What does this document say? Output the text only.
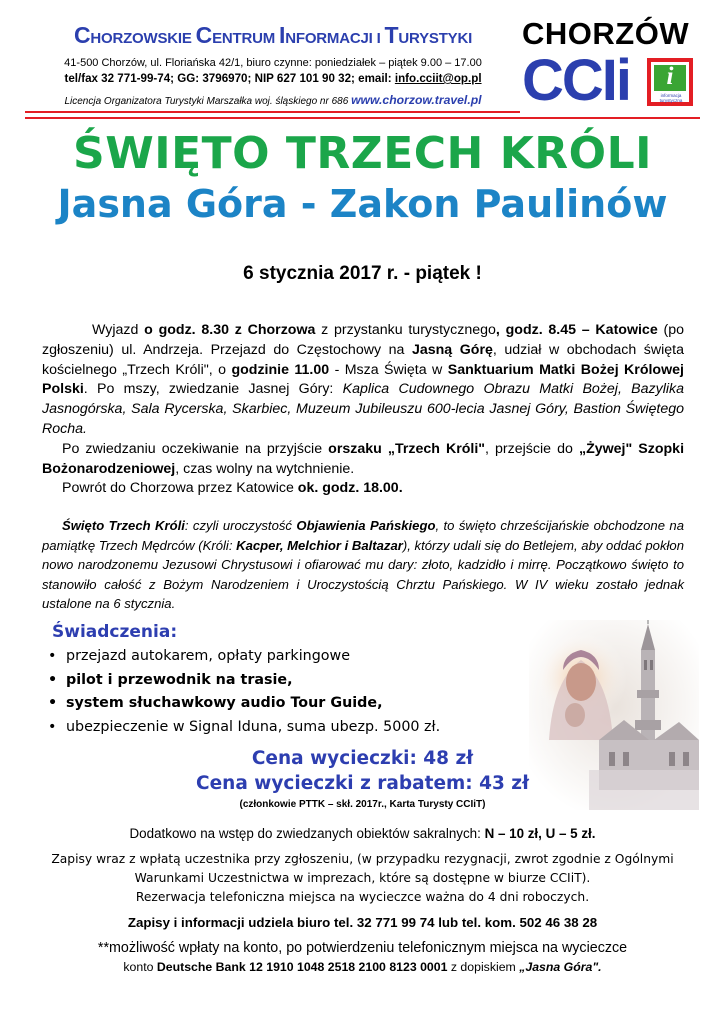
CHORZOWSKIE CENTRUM INFORMACJI I TURYSTYKI
41-500 Chorzów, ul. Floriańska 42/1, biuro czynne: poniedziałek – piątek 9.00 – 17.00
tel/fax 32 771-99-74; GG: 3796970; NIP 627 101 90 32; email: info.cciit@op.pl
Licencja Organizatora Turystyki Marszałka woj. śląskiego nr 686 www.chorzow.travel.pl
CHORZÓW
CCIi	i
informacja turystyczna
ŚWIĘTO TRZECH KRÓLI
Jasna Góra - Zakon Paulinów
6 stycznia 2017 r. - piątek !

Wyjazd o godz. 8.30 z Chorzowa z przystanku turystycznego, godz. 8.45 – Katowice (po zgłoszeniu) ul. Andrzeja. Przejazd do Częstochowy na Jasną Górę, udział w obchodach święta kościelnego „Trzech Króli", o godzinie 11.00 - Msza Święta w Sanktuarium Matki Bożej Królowej Polski. Po mszy, zwiedzanie Jasnej Góry: Kaplica Cudownego Obrazu Matki Bożej, Bazylika Jasnogórska, Sala Rycerska, Skarbiec, Muzeum Jubileuszu 600-lecia Jasnej Góry, Bastion Świętego Rocha.

Po zwiedzaniu oczekiwanie na przyjście orszaku „Trzech Króli", przejście do „Żywej" Szopki Bożonarodzeniowej, czas wolny na wytchnienie.

Powrót do Chorzowa przez Katowice ok. godz. 18.00.

Święto Trzech Króli: czyli uroczystość Objawienia Pańskiego, to święto chrześcijańskie obchodzone na pamiątkę Trzech Mędrców (Króli: Kacper, Melchior i Baltazar), którzy udali się do Betlejem, aby oddać pokłon nowo narodzonemu Jezusowi Chrystusowi i ofiarować mu dary: złoto, kadzidło i mirrę. Początkowo święto to stanowiło całość z Bożym Narodzeniem i Uroczystością Chrztu Pańskiego. W IV wieku zostało jednak ustalone na 6 stycznia.
Świadczenia:
• przejazd autokarem, opłaty parkingowe
• pilot i przewodnik na trasie,
• system słuchawkowy audio Tour Guide,
• ubezpieczenie w Signal Iduna, suma ubezp. 5000 zł.
Cena wycieczki: 48 zł
Cena wycieczki z rabatem: 43 zł
(członkowie PTTK – skł. 2017r., Karta Turysty CCIiT)
Dodatkowo na wstęp do zwiedzanych obiektów sakralnych: N – 10 zł, U – 5 zł.
Zapisy wraz z wpłatą uczestnika przy zgłoszeniu, (w przypadku rezygnacji, zwrot zgodnie z Ogólnymi Warunkami Uczestnictwa w imprezach, które są dostępne w biurze CCIiT).
Rezerwacja telefoniczna miejsca na wycieczce ważna do 4 dni roboczych.
Zapisy i informacji udziela biuro tel. 32 771 99 74 lub tel. kom. 502 46 38 28
**możliwość wpłaty na konto, po potwierdzeniu telefonicznym miejsca na wycieczce
konto Deutsche Bank 12 1910 1048 2518 2100 8123 0001 z dopiskiem „Jasna Góra".
